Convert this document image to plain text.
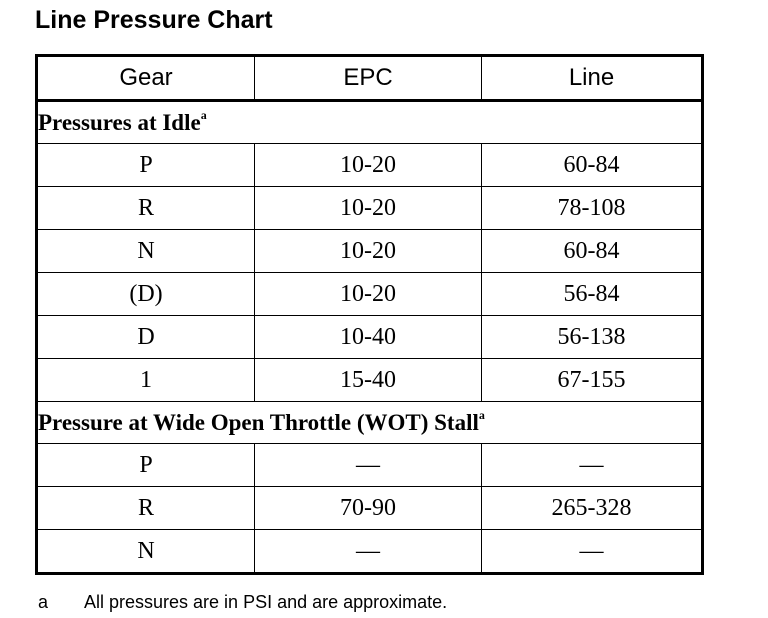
Line Pressure Chart
Gear	EPC	Line
Pressures at Idle$^a$
P	10-20	60-84
R	10-20	78-108
N	10-20	60-84
(D)	10-20	56-84
D	10-40	56-138
1	15-40	67-155
Pressure at Wide Open Throttle (WOT) Stall$^a$
P	—	—
R	70-90	265-328
N	—	—
a All pressures are in PSI and are approximate.
